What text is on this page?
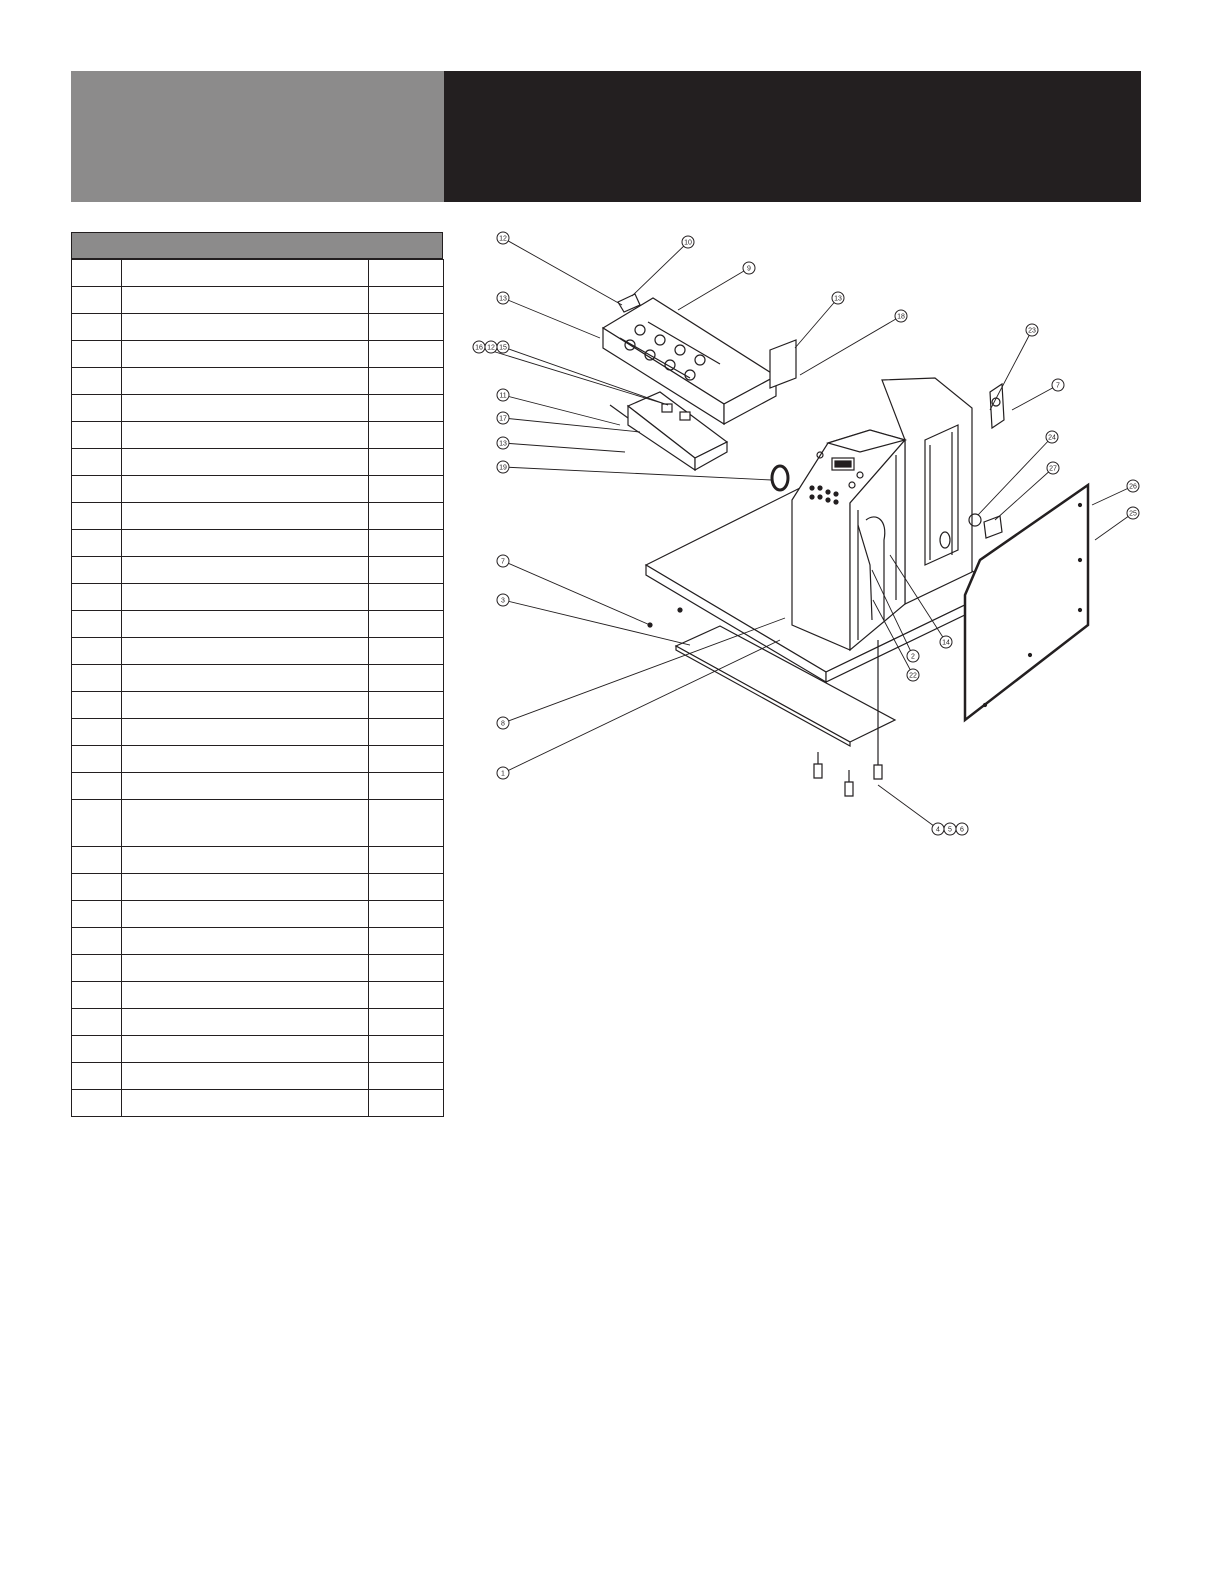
12
10
9
13	13
18
16 12 15
23
7
11
17
13
19
24
27
26
25
7
3
14
2
22
8
1
4 5 6
